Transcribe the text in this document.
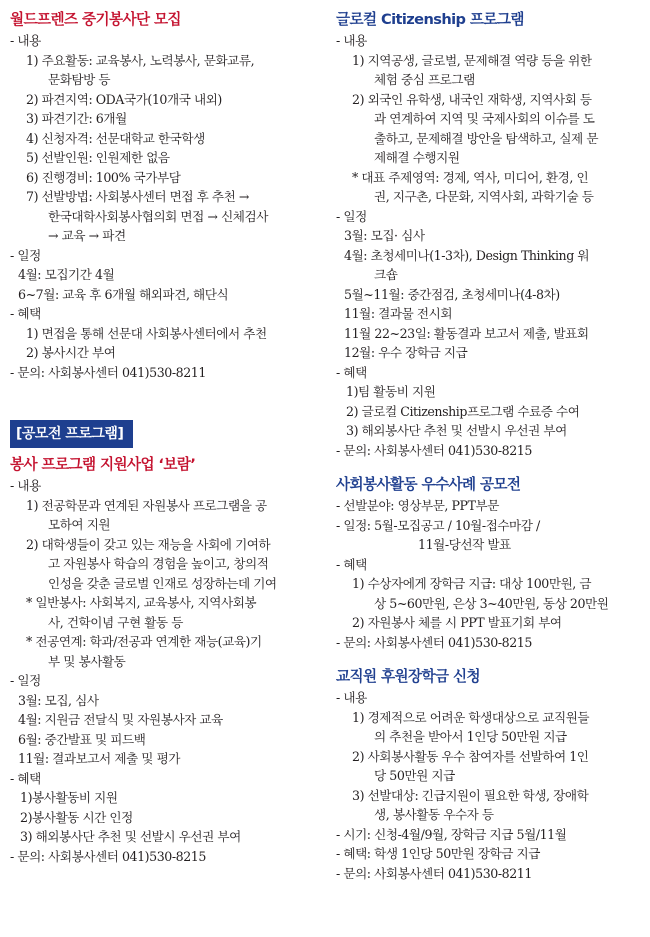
월드프렌즈 중기봉사단 모집
- 내용
1) 주요활동: 교육봉사, 노력봉사, 문화교류,
문화탐방 등
2) 파견지역: ODA국가(10개국 내외)
3) 파견기간: 6개월
4) 신청자격: 선문대학교 한국학생
5) 선발인원: 인원제한 없음
6) 진행경비: 100% 국가부담
7) 선발방법: 사회봉사센터 면접 후 추천 →
한국대학사회봉사협의회 면접 → 신체검사
→ 교육 → 파견
- 일정
4월: 모집기간 4월
6~7월: 교육 후 6개월 해외파견, 해단식
- 혜택
1) 면접을 통해 선문대 사회봉사센터에서 추천
2) 봉사시간 부여
- 문의: 사회봉사센터 041)530-8211
[공모전 프로그램]
봉사 프로그램 지원사업 ‘보람’
- 내용
1) 전공학문과 연계된 자원봉사 프로그램을 공
모하여 지원
2) 대학생들이 갖고 있는 재능을 사회에 기여하
고 자원봉사 학습의 경험을 높이고, 창의적
인성을 갖춘 글로벌 인재로 성장하는데 기여
* 일반봉사: 사회복지, 교육봉사, 지역사회봉
사, 건학이념 구현 활동 등
* 전공연계: 학과/전공과 연계한 재능(교육)기
부 및 봉사활동
- 일정
3월: 모집, 심사
4월: 지원금 전달식 및 자원봉사자 교육
6월: 중간발표 및 피드백
11월: 결과보고서 제출 및 평가
- 혜택
1)봉사활동비 지원
2)봉사활동 시간 인정
3) 해외봉사단 추천 및 선발시 우선권 부여
- 문의: 사회봉사센터 041)530-8215
글로컬 Citizenship 프로그램
- 내용
1) 지역공생, 글로벌, 문제해결 역량 등을 위한
체험 중심 프로그램
2) 외국인 유학생, 내국인 재학생, 지역사회 등
과 연계하여 지역 및 국제사회의 이슈를 도
출하고, 문제해결 방안을 탐색하고, 실제 문
제해결 수행지원
* 대표 주제영역: 경제, 역사, 미디어, 환경, 인
권, 지구촌, 다문화, 지역사회, 과학기술 등
- 일정
3월: 모집· 심사
4월: 초청세미나(1-3차), Design Thinking 워
크숍
5월~11월: 중간점검, 초청세미나(4-8차)
11월: 결과물 전시회
11월 22~23일: 활동결과 보고서 제출, 발표회
12월: 우수 장학금 지급
- 혜택
1)팀 활동비 지원
2) 글로컬 Citizenship프로그램 수료증 수여
3) 해외봉사단 추천 및 선발시 우선권 부여
- 문의: 사회봉사센터 041)530-8215
사회봉사활동 우수사례 공모전
- 선발분야: 영상부문, PPT부문
- 일정: 5월-모집공고 / 10월-접수마감 /
11월-당선작 발표
- 혜택
1) 수상자에게 장학금 지급: 대상 100만원, 금
상 5~60만원, 은상 3~40만원, 동상 20만원
2) 자원봉사 체를 시 PPT 발표기회 부여
- 문의: 사회봉사센터 041)530-8215
교직원 후원장학금 신청
- 내용
1) 경제적으로 어려운 학생대상으로 교직원들
의 추천을 받아서 1인당 50만원 지급
2) 사회봉사활동 우수 참여자를 선발하여 1인
당 50만원 지급
3) 선발대상: 긴급지원이 필요한 학생, 장애학
생, 봉사활동 우수자 등
- 시기: 신청-4월/9월, 장학금 지급 5월/11월
- 혜택: 학생 1인당 50만원 장학금 지급
- 문의: 사회봉사센터 041)530-8211
